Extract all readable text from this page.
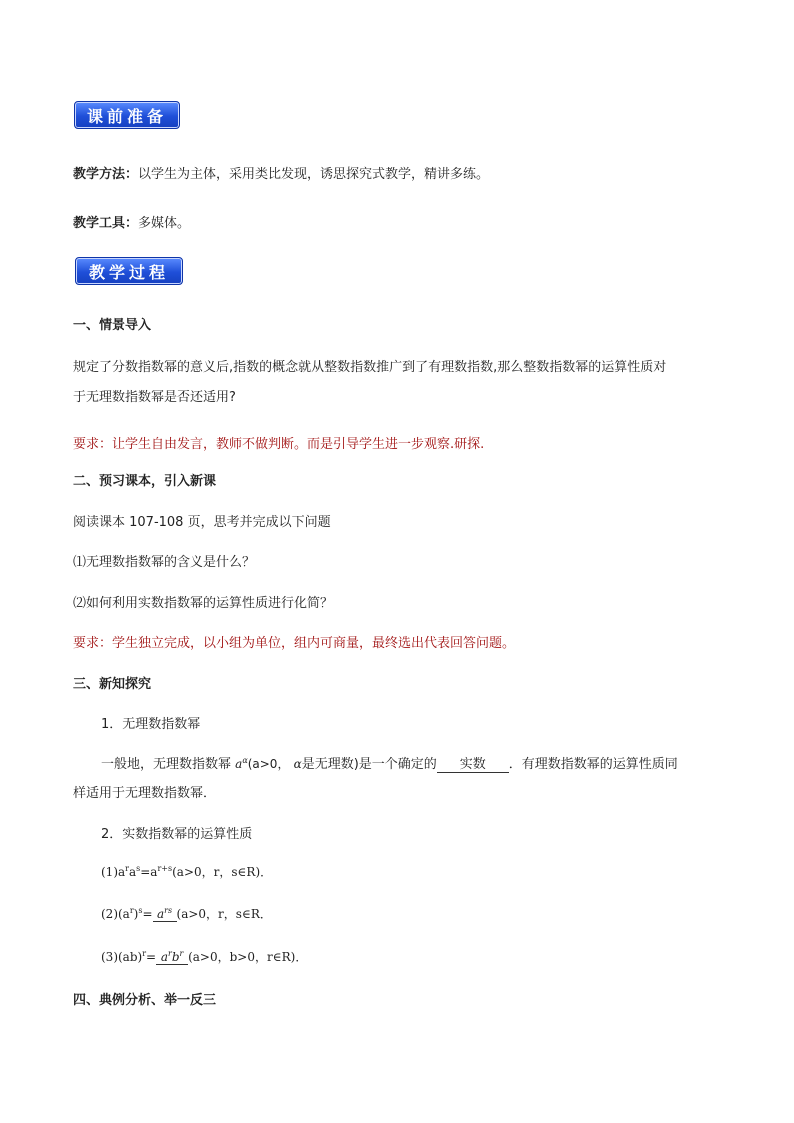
课前准备
教学方法：以学生为主体，采用类比发现，诱思探究式教学，精讲多练。
教学工具：多媒体。
教学过程
一、情景导入
规定了分数指数幂的意义后,指数的概念就从整数指数推广到了有理数指数,那么整数指数幂的运算性质对
于无理数指数幂是否还适用?
要求：让学生自由发言，教师不做判断。而是引导学生进一步观察.研探.
二、预习课本，引入新课
阅读课本 107-108 页，思考并完成以下问题
⑴无理数指数幂的含义是什么？
⑵如何利用实数指数幂的运算性质进行化简？
要求：学生独立完成，以小组为单位，组内可商量，最终选出代表回答问题。
三、新知探究
1．无理数指数幂
一般地，无理数指数幂 $a^\alpha(a>0$， α是无理数)是一个确定的 实数 ．有理数指数幂的运算性质同
样适用于无理数指数幂．
2．实数指数幂的运算性质
$(1)a^ra^s=a^{r+s}(a>0$，r，s∈R)．
$(2)(a^r)^s= a^{rs}$ (a>0，r，s∈R．
$(3)(ab)^r= a^rb^r$ (a>0，b>0，r∈R)．
四、典例分析、举一反三
